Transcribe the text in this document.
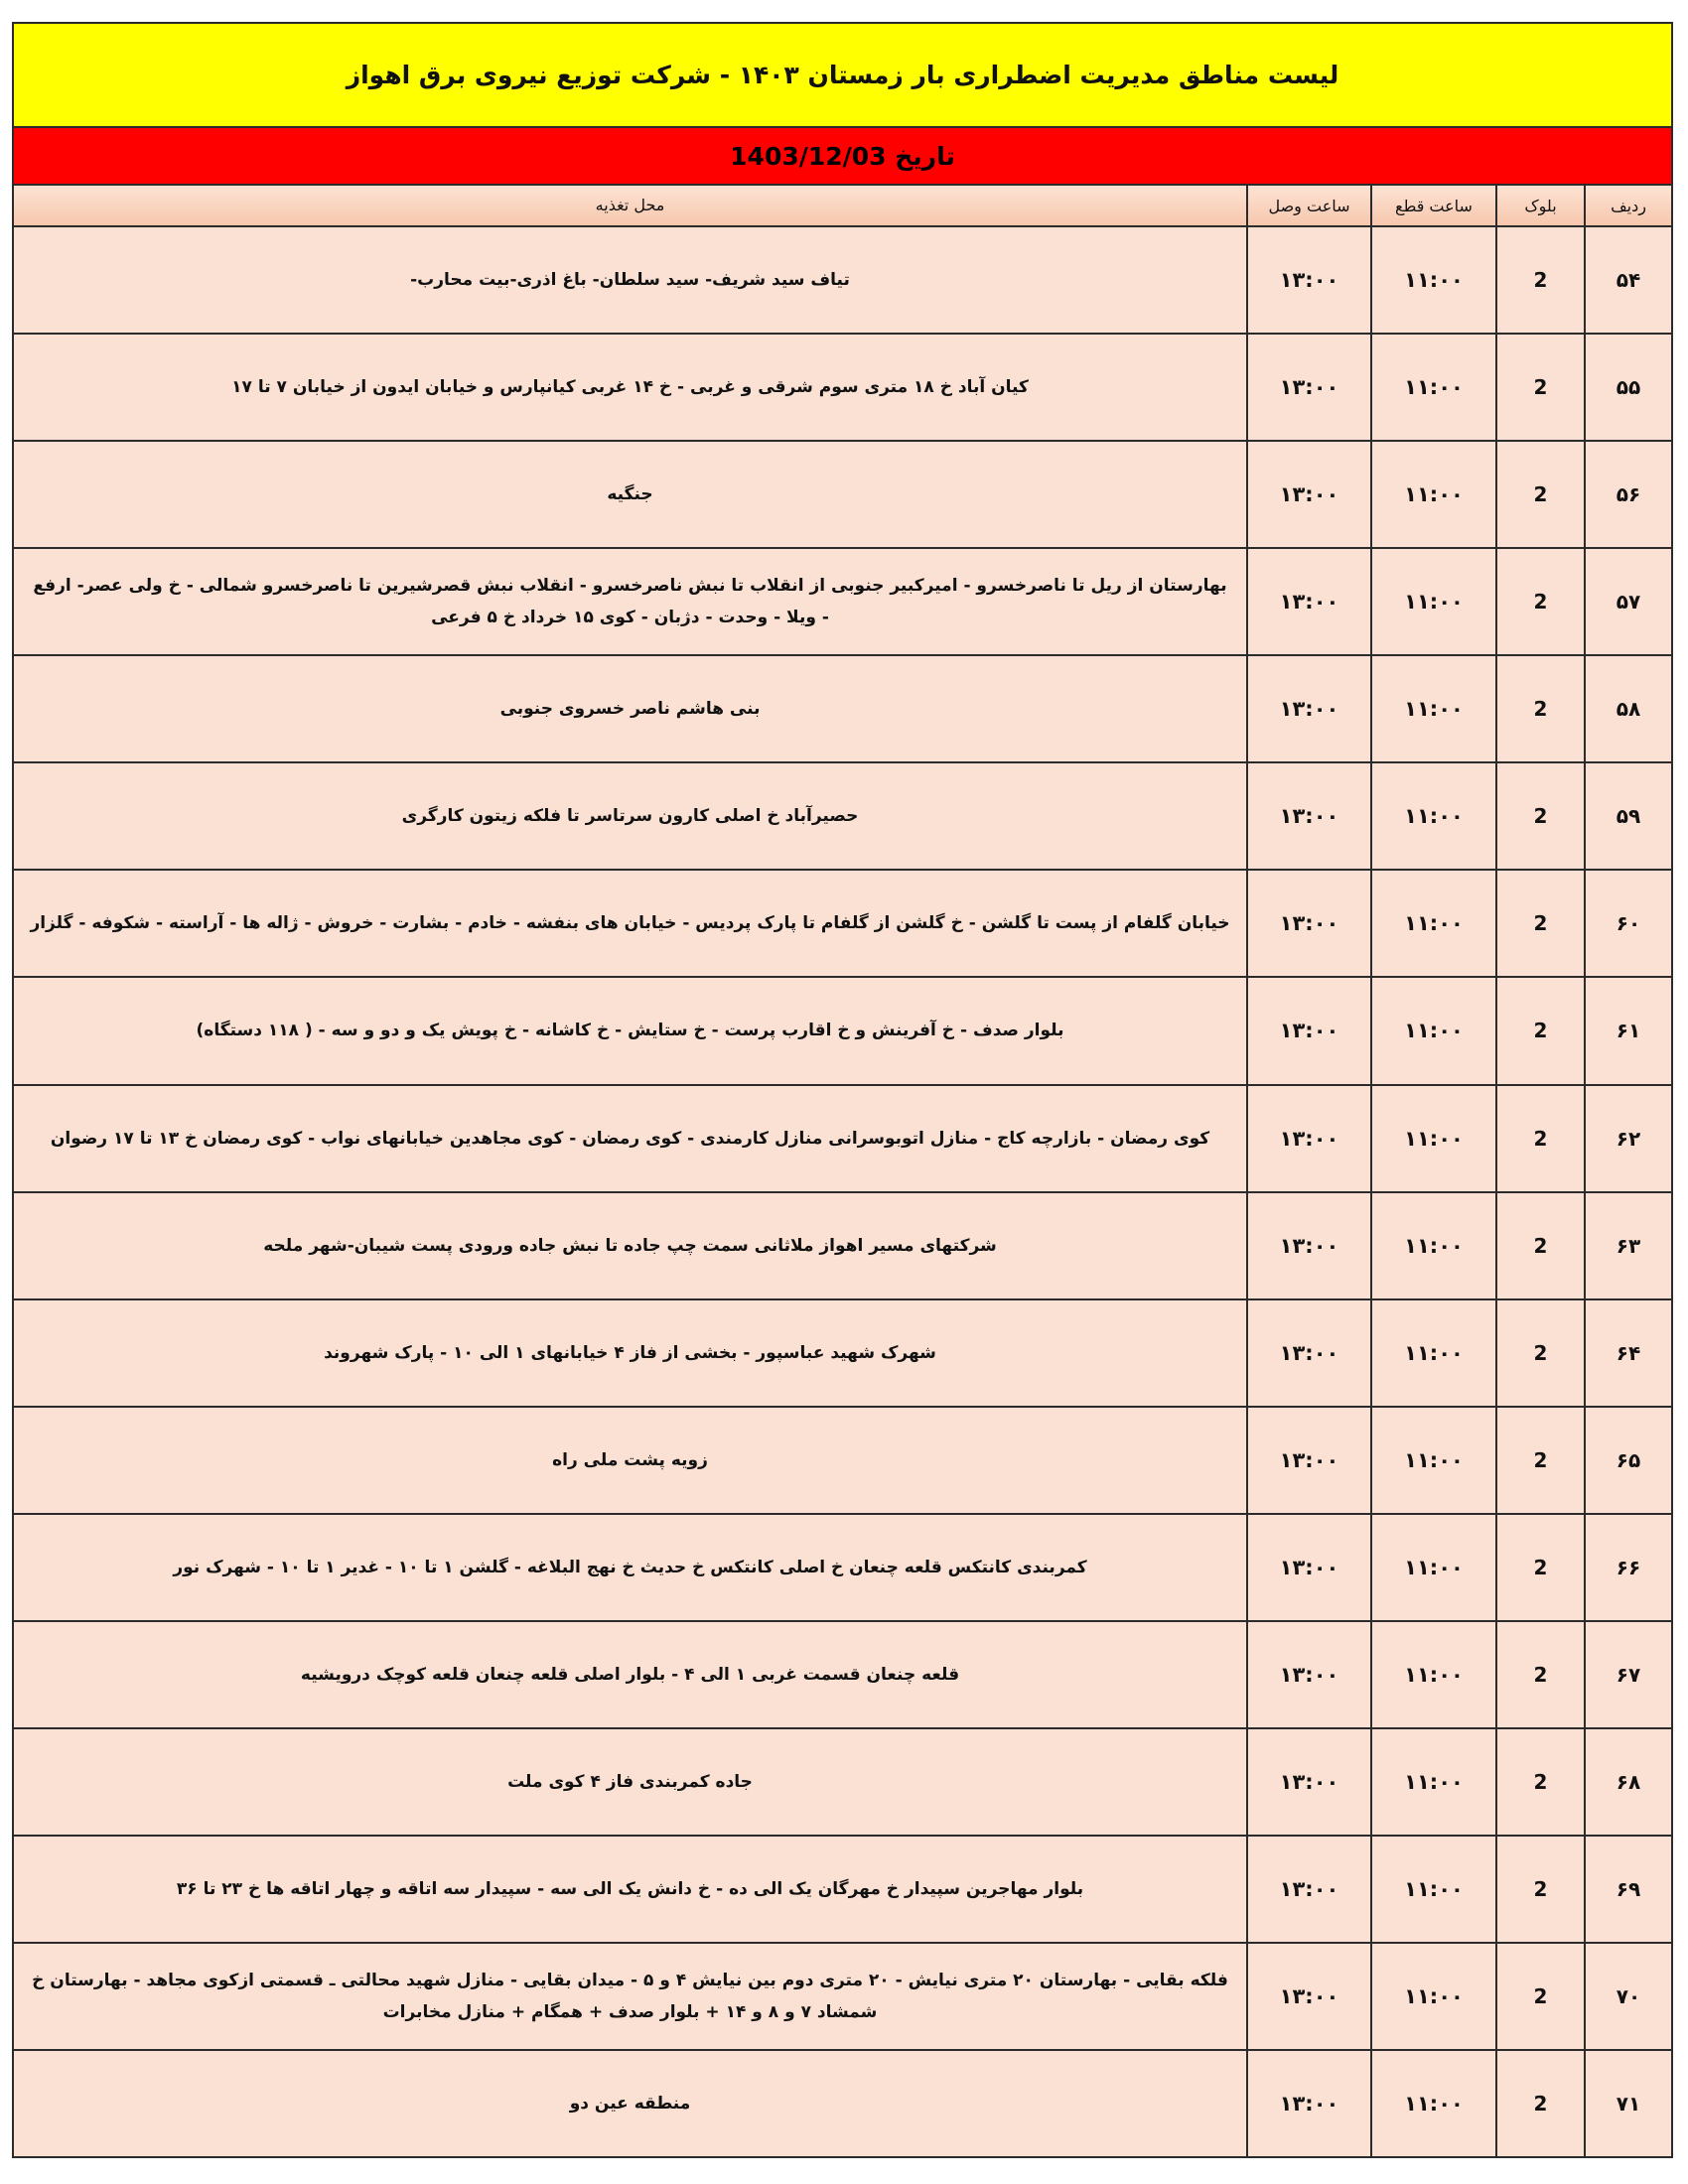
لیست مناطق مدیریت اضطراری بار زمستان ۱۴۰۳ - شرکت توزیع نیروی برق اهواز
تاریخ 1403/12/03
ردیف
بلوک
ساعت قطع
ساعت وصل
محل تغذیه
۵۴
2
۱۱:۰۰
۱۳:۰۰
تیاف سید شریف- سید سلطان- باغ اذری-بیت محارب-
۵۵
2
۱۱:۰۰
۱۳:۰۰
کیان آباد خ ۱۸ متری سوم شرقی و غربی - خ ۱۴ غربی کیانپارس و خیابان ایدون از خیابان ۷ تا ۱۷
۵۶
2
۱۱:۰۰
۱۳:۰۰
جنگیه
۵۷
2
۱۱:۰۰
۱۳:۰۰
بهارستان از ریل تا ناصرخسرو - امیرکبیر جنوبی از انقلاب تا نبش ناصرخسرو - انقلاب نبش قصرشیرین تا ناصرخسرو شمالی - خ ولی عصر- ارفع - ویلا - وحدت - دژبان - کوی ۱۵ خرداد خ ۵ فرعی
۵۸
2
۱۱:۰۰
۱۳:۰۰
بنی هاشم ناصر خسروی جنوبی
۵۹
2
۱۱:۰۰
۱۳:۰۰
حصیرآباد خ اصلی کارون سرتاسر تا فلکه زیتون کارگری
۶۰
2
۱۱:۰۰
۱۳:۰۰
خیابان گلفام از پست تا گلشن - خ گلشن از گلفام تا پارک پردیس - خیابان های بنفشه - خادم - بشارت - خروش - ژاله ها - آراسته - شکوفه - گلزار
۶۱
2
۱۱:۰۰
۱۳:۰۰
بلوار صدف - خ آفرینش و خ اقارب پرست - خ ستایش - خ کاشانه - خ پویش یک و دو و سه - ( ۱۱۸ دستگاه)
۶۲
2
۱۱:۰۰
۱۳:۰۰
کوی رمضان - بازارچه کاج - منازل اتوبوسرانی منازل کارمندی - کوی رمضان - کوی مجاهدین خیابانهای نواب - کوی رمضان خ ۱۳ تا ۱۷ رضوان
۶۳
2
۱۱:۰۰
۱۳:۰۰
شرکتهای مسیر اهواز ملاثانی سمت چپ جاده تا نبش جاده ورودی پست شیبان-شهر ملحه
۶۴
2
۱۱:۰۰
۱۳:۰۰
شهرک شهید عباسپور - بخشی از فاز ۴ خیابانهای ۱ الی ۱۰ - پارک شهروند
۶۵
2
۱۱:۰۰
۱۳:۰۰
زویه پشت ملی راه
۶۶
2
۱۱:۰۰
۱۳:۰۰
کمربندی کانتکس قلعه چنعان خ اصلی کانتکس خ حدیث خ نهج البلاغه - گلشن ۱ تا ۱۰ - غدیر ۱ تا ۱۰ - شهرک نور
۶۷
2
۱۱:۰۰
۱۳:۰۰
قلعه چنعان قسمت غربی ۱ الی ۴ - بلوار اصلی قلعه چنعان قلعه کوچک درویشیه
۶۸
2
۱۱:۰۰
۱۳:۰۰
جاده کمربندی فاز ۴ کوی ملت
۶۹
2
۱۱:۰۰
۱۳:۰۰
بلوار مهاجرین سپیدار خ مهرگان یک الی ده - خ دانش یک الی سه - سپیدار سه اتاقه و چهار اتاقه ها خ ۲۳ تا ۳۶
۷۰
2
۱۱:۰۰
۱۳:۰۰
فلکه بقایی - بهارستان ۲۰ متری نیایش - ۲۰ متری دوم بین نیایش ۴ و ۵ - میدان بقایی - منازل شهید محالتی ـ قسمتی ازکوی مجاهد - بهارستان خ شمشاد ۷ و ۸ و ۱۴ + بلوار صدف + همگام + منازل مخابرات
۷۱
2
۱۱:۰۰
۱۳:۰۰
منطقه عین دو
